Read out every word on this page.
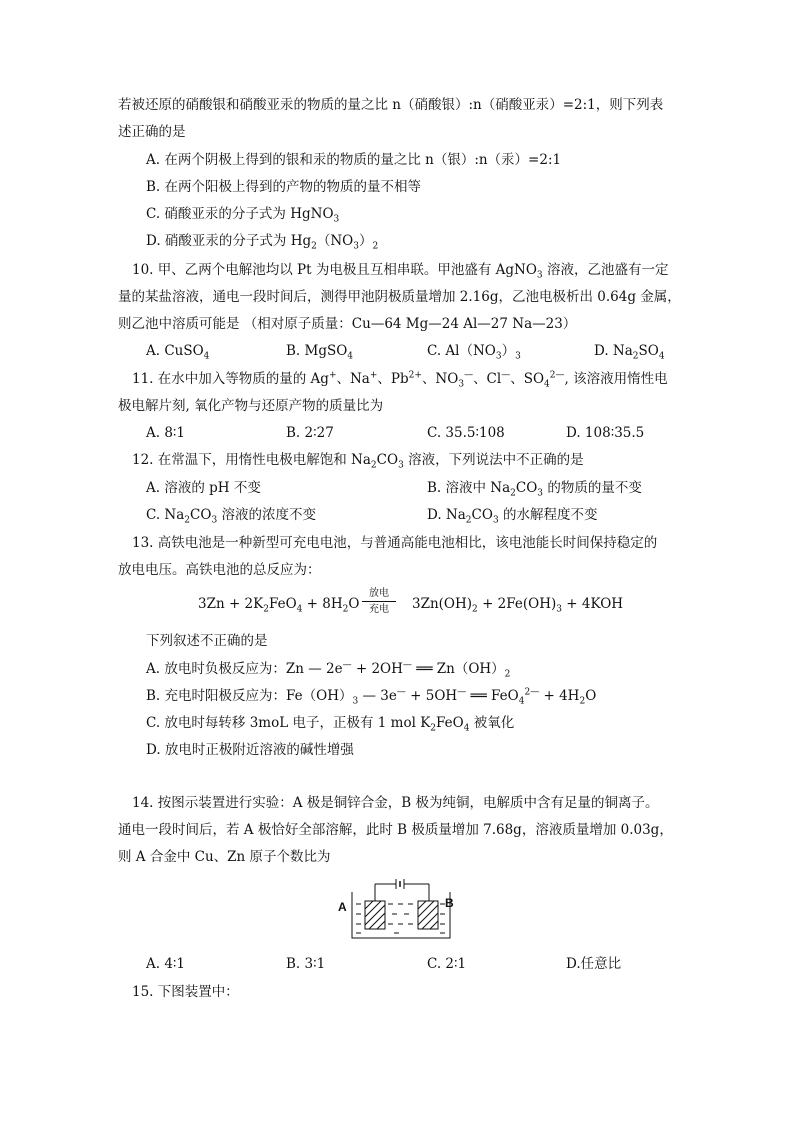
若被还原的硝酸银和硝酸亚汞的物质的量之比 n（硝酸银）:n（硝酸亚汞）=2:1，则下列表
述正确的是
A. 在两个阴极上得到的银和汞的物质的量之比 n（银）:n（汞）=2:1
B. 在两个阳极上得到的产物的物质的量不相等
C. 硝酸亚汞的分子式为 HgNO$_3$
D. 硝酸亚汞的分子式为 $Hg_2(NO_3)_2$
10. 甲、乙两个电解池均以 Pt 为电极且互相串联。甲池盛有 AgNO$_3$ 溶液，乙池盛有一定
量的某盐溶液，通电一段时间后，测得甲池阴极质量增加 2.16g，乙池电极析出 0.64g 金属，
则乙池中溶质可能是 （相对原子质量：Cu—64 Mg—24 Al—27 Na—23）
A. CuSO$_4$	B. MgSO$_4$	C. $Al(NO_3)_3$	D. $Na_2SO_4$
11. 在水中加入等物质的量的 Ag+、Na+、$Pb^{2+}$、$NO_3^—$、Cl—、$SO_4^{2—}$, 该溶液用惰性电
极电解片刻, 氧化产物与还原产物的质量比为
A. 8∶1	B. 2∶27	C. 35.5∶108	D. 108∶35.5
12. 在常温下，用惰性电极电解饱和 $Na_2CO_3$ 溶液，下列说法中不正确的是
A. 溶液的 pH 不变	B. 溶液中 $Na_2CO_3$ 的物质的量不变
C. $Na_2CO_3$ 溶液的浓度不变	D. $Na_2CO_3$ 的水解程度不变
13. 高铁电池是一种新型可充电电池，与普通高能电池相比，该电池能长时间保持稳定的
放电电压。高铁电池的总反应为：
$3Zn + 2K_2FeO_4 + 8H_2O$
放电
充电	$3Zn(OH)_2 + 2Fe(OH)_3 + 4KOH$
下列叙述不正确的是
A. 放电时负极反应为：Zn — 2e— + 2OH— ══ $Zn(OH)_2$
B. 充电时阳极反应为：$Fe(OH)_3$ — 3e— + 5OH— ══ $FeO_4^{2—} + 4H_2O$
C. 放电时每转移 3moL 电子，正极有 1 mol $K_2FeO_4$ 被氧化
D. 放电时正极附近溶液的碱性增强
14. 按图示装置进行实验：A 极是铜锌合金，B 极为纯铜，电解质中含有足量的铜离子。
通电一段时间后，若 A 极恰好全部溶解，此时 B 极质量增加 7.68g，溶液质量增加 0.03g，
则 A 合金中 Cu、Zn 原子个数比为
A	B
A. 4∶1	B. 3∶1	C. 2∶1	D.任意比
15. 下图装置中：
